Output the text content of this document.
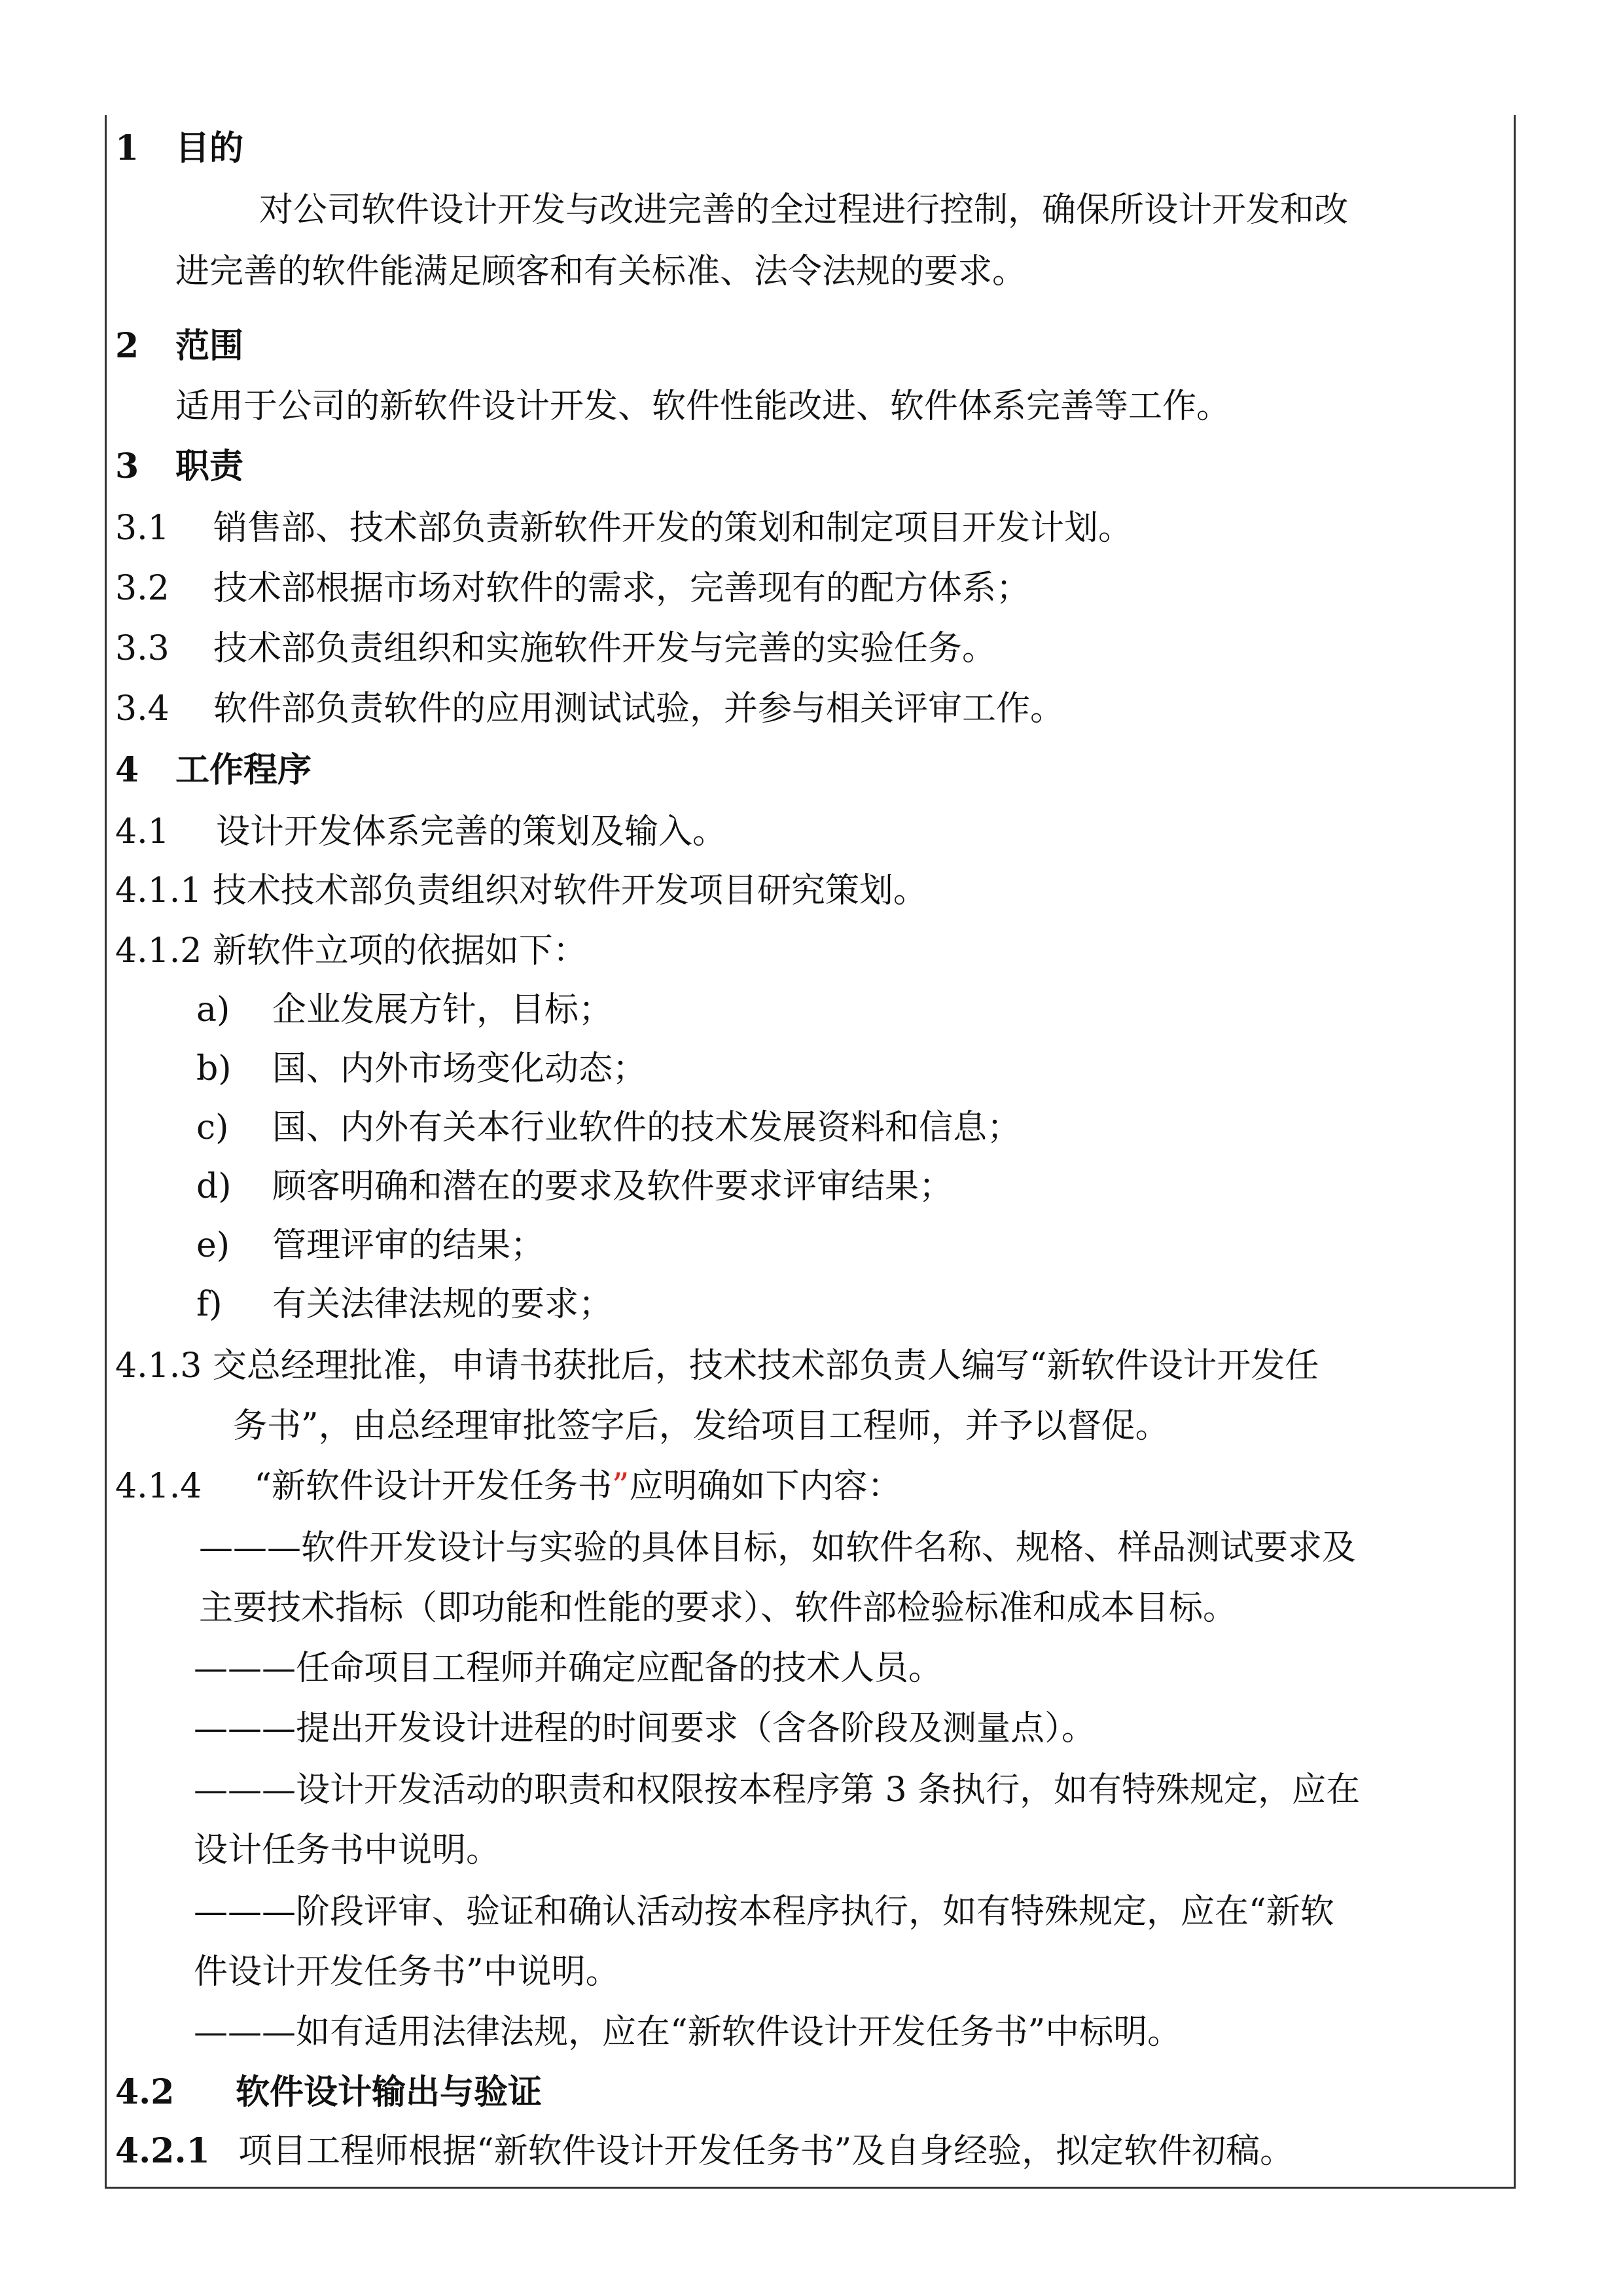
1 目的
对公司软件设计开发与改进完善的全过程进行控制，确保所设计开发和改
进完善的软件能满足顾客和有关标准、法令法规的要求。
2 范围
适用于公司的新软件设计开发、软件性能改进、软件体系完善等工作。
3 职责
3.1 销售部、技术部负责新软件开发的策划和制定项目开发计划。
3.2 技术部根据市场对软件的需求，完善现有的配方体系；
3.3 技术部负责组织和实施软件开发与完善的实验任务。
3.4 软件部负责软件的应用测试试验，并参与相关评审工作。
4 工作程序
4.1 设计开发体系完善的策划及输入。
4.1.1 技术技术部负责组织对软件开发项目研究策划。
4.1.2 新软件立项的依据如下：
a) 企业发展方针，目标；
b) 国、内外市场变化动态；
c) 国、内外有关本行业软件的技术发展资料和信息；
d) 顾客明确和潜在的要求及软件要求评审结果；
e) 管理评审的结果；
f) 有关法律法规的要求；
4.1.3 交总经理批准，申请书获批后，技术技术部负责人编写“新软件设计开发任
务书”，由总经理审批签字后，发给项目工程师，并予以督促。
4.1.4 “新软件设计开发任务书”应明确如下内容：
———软件开发设计与实验的具体目标，如软件名称、规格、样品测试要求及
主要技术指标（即功能和性能的要求）、软件部检验标准和成本目标。
———任命项目工程师并确定应配备的技术人员。
———提出开发设计进程的时间要求（含各阶段及测量点）。
———设计开发活动的职责和权限按本程序第 3 条执行，如有特殊规定，应在
设计任务书中说明。
———阶段评审、验证和确认活动按本程序执行，如有特殊规定，应在“新软
件设计开发任务书”中说明。
———如有适用法律法规，应在“新软件设计开发任务书”中标明。
4.2 软件设计输出与验证
4.2.1 项目工程师根据“新软件设计开发任务书”及自身经验，拟定软件初稿。
